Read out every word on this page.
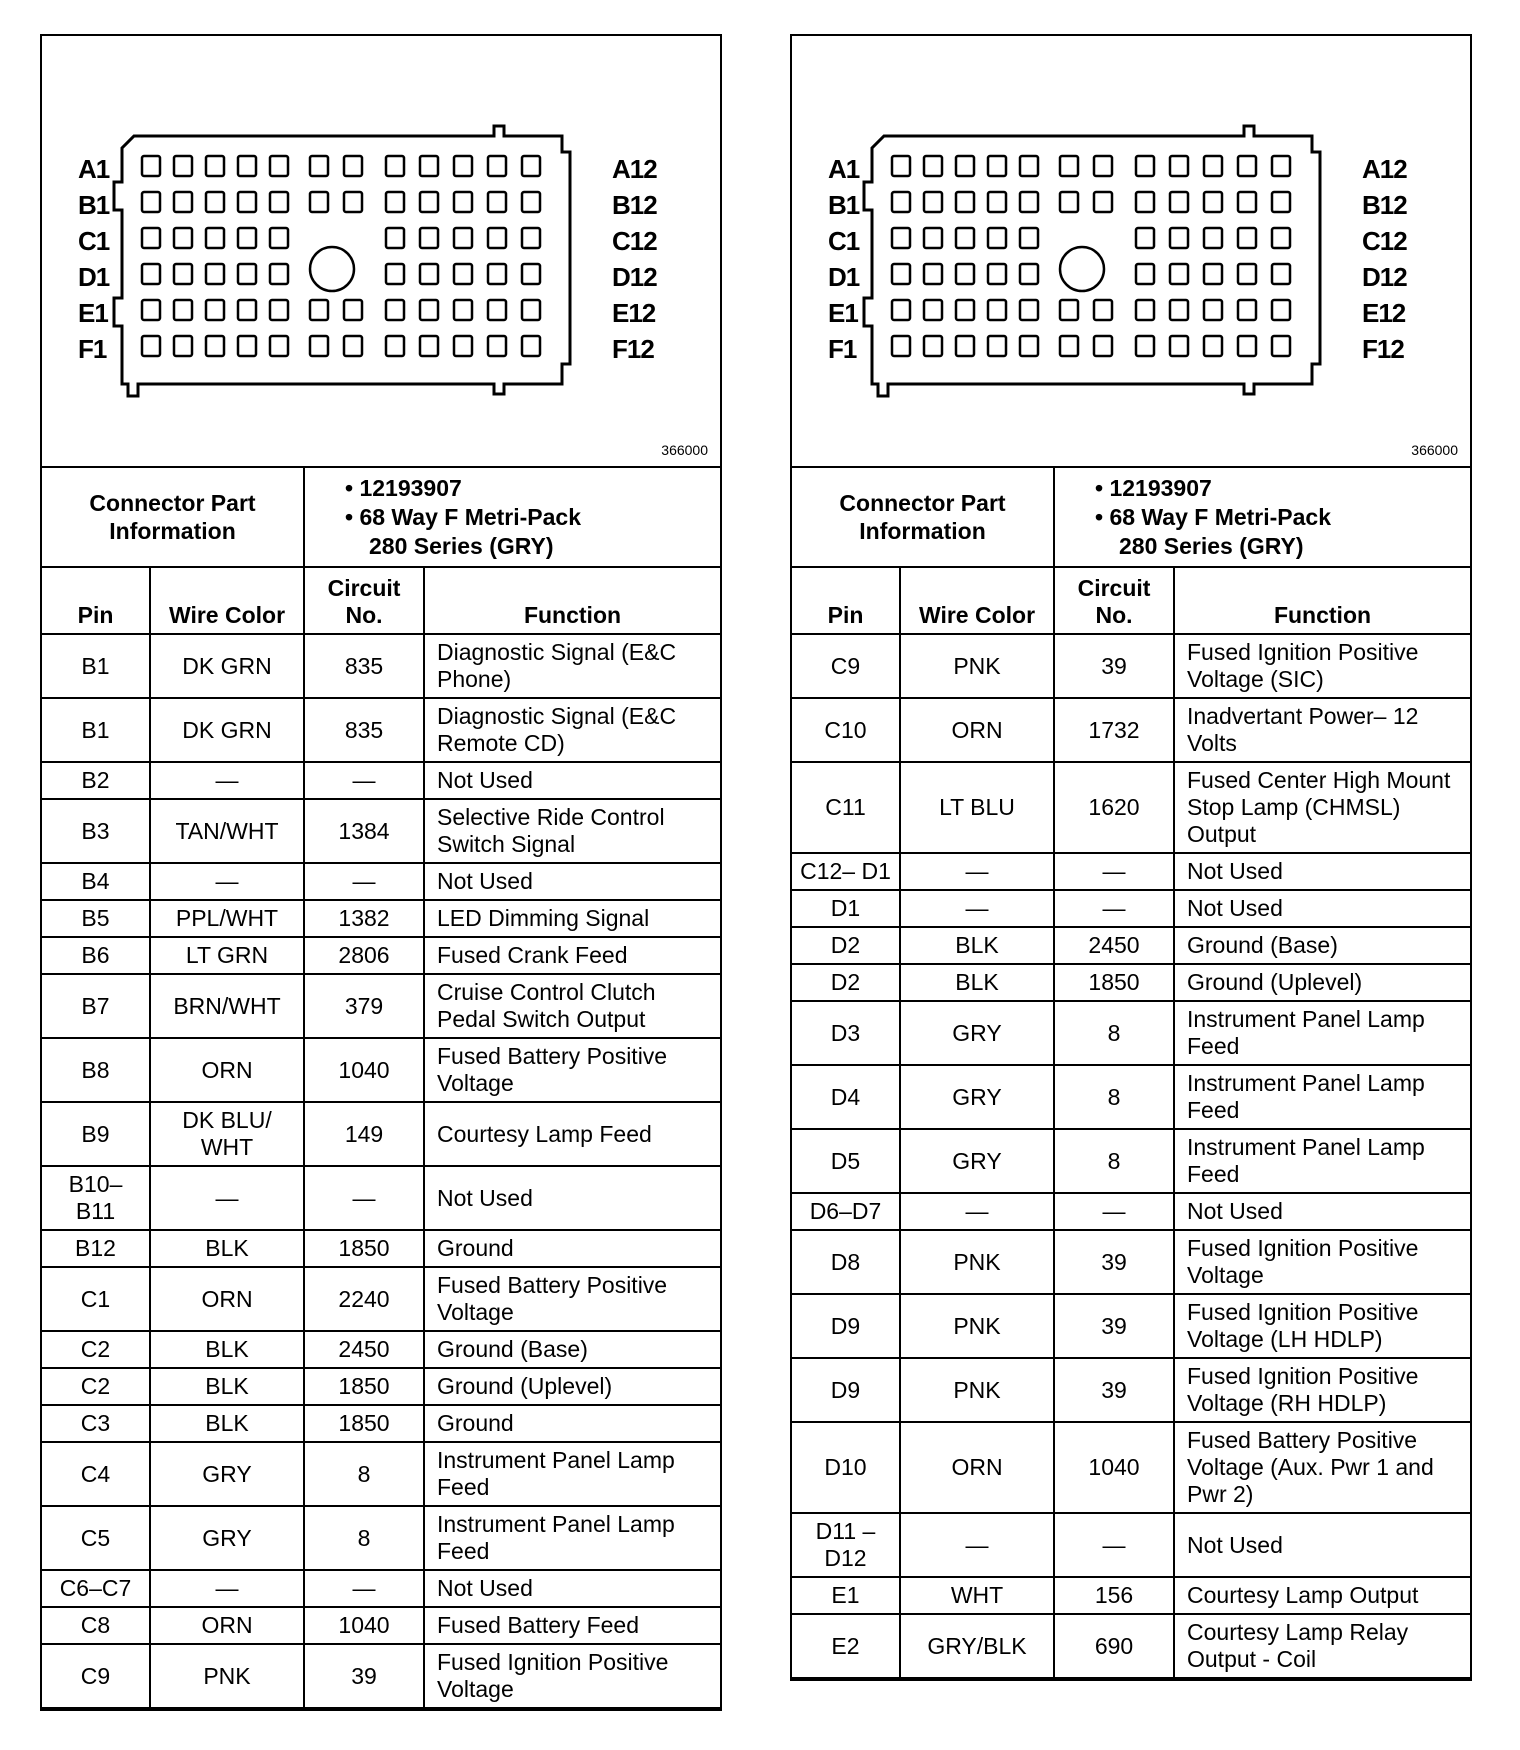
A1
B1
C1
D1
E1
F1
A12
B12
C12
D12
E12
F12
366000
Connector Part Information	
• 12193907
• 68 Way F Metri-Pack
280 Series (GRY)
Pin	Wire Color	Circuit No.	Function
B1	DK GRN	835	Diagnostic Signal (E&C Phone)
B1	DK GRN	835	Diagnostic Signal (E&C Remote CD)
B2	—	—	Not Used
B3	TAN/WHT	1384	Selective Ride Control Switch Signal
B4	—	—	Not Used
B5	PPL/WHT	1382	LED Dimming Signal
B6	LT GRN	2806	Fused Crank Feed
B7	BRN/WHT	379	Cruise Control Clutch Pedal Switch Output
B8	ORN	1040	Fused Battery Positive Voltage
B9	DK BLU/ WHT	149	Courtesy Lamp Feed
B10– B11	—	—	Not Used
B12	BLK	1850	Ground
C1	ORN	2240	Fused Battery Positive Voltage
C2	BLK	2450	Ground (Base)
C2	BLK	1850	Ground (Uplevel)
C3	BLK	1850	Ground
C4	GRY	8	Instrument Panel Lamp Feed
C5	GRY	8	Instrument Panel Lamp Feed
C6–C7	—	—	Not Used
C8	ORN	1040	Fused Battery Feed
C9	PNK	39	Fused Ignition Positive Voltage
A1
B1
C1
D1
E1
F1
A12
B12
C12
D12
E12
F12
366000
Connector Part Information	
• 12193907
• 68 Way F Metri-Pack
280 Series (GRY)
Pin	Wire Color	Circuit No.	Function
C9	PNK	39	Fused Ignition Positive Voltage (SIC)
C10	ORN	1732	Inadvertant Power– 12 Volts
C11	LT BLU	1620	Fused Center High Mount Stop Lamp (CHMSL) Output
C12– D1	—	—	Not Used
D1	—	—	Not Used
D2	BLK	2450	Ground (Base)
D2	BLK	1850	Ground (Uplevel)
D3	GRY	8	Instrument Panel Lamp Feed
D4	GRY	8	Instrument Panel Lamp Feed
D5	GRY	8	Instrument Panel Lamp Feed
D6–D7	—	—	Not Used
D8	PNK	39	Fused Ignition Positive Voltage
D9	PNK	39	Fused Ignition Positive Voltage (LH HDLP)
D9	PNK	39	Fused Ignition Positive Voltage (RH HDLP)
D10	ORN	1040	Fused Battery Positive Voltage (Aux. Pwr 1 and Pwr 2)
D11 – D12	—	—	Not Used
E1	WHT	156	Courtesy Lamp Output
E2	GRY/BLK	690	Courtesy Lamp Relay Output - Coil
